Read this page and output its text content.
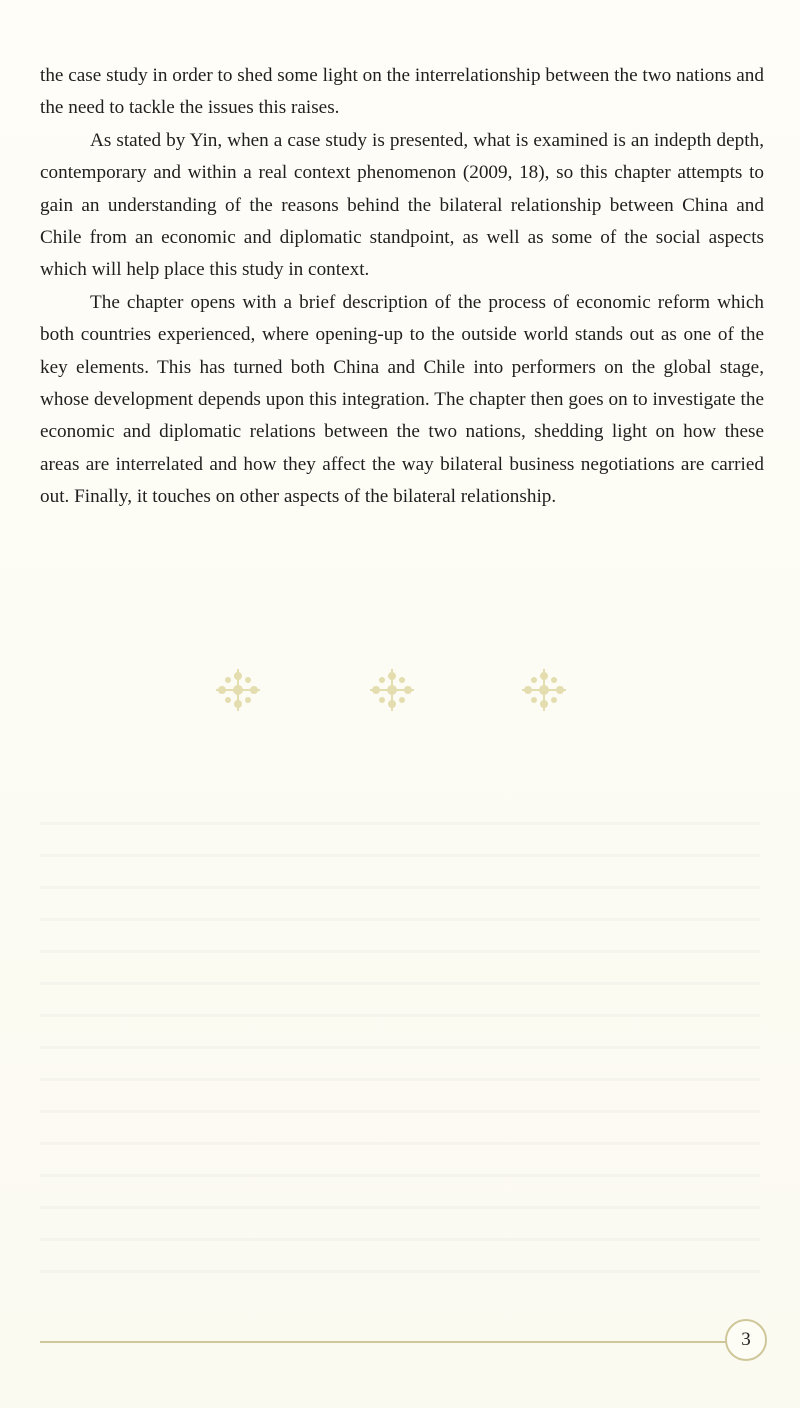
the case study in order to shed some light on the interrelationship between the two nations and the need to tackle the issues this raises.

As stated by Yin, when a case study is presented, what is examined is an indepth depth, contemporary and within a real context phenomenon (2009, 18), so this chapter attempts to gain an understanding of the reasons behind the bilateral relationship between China and Chile from an economic and diplomatic standpoint, as well as some of the social aspects which will help place this study in context.

The chapter opens with a brief description of the process of economic reform which both countries experienced, where opening-up to the outside world stands out as one of the key elements. This has turned both China and Chile into performers on the global stage, whose development depends upon this integration. The chapter then goes on to investigate the economic and diplomatic relations between the two nations, shedding light on how these areas are interrelated and how they affect the way bilateral business negotiations are carried out. Finally, it touches on other aspects of the bilateral relationship.

3
